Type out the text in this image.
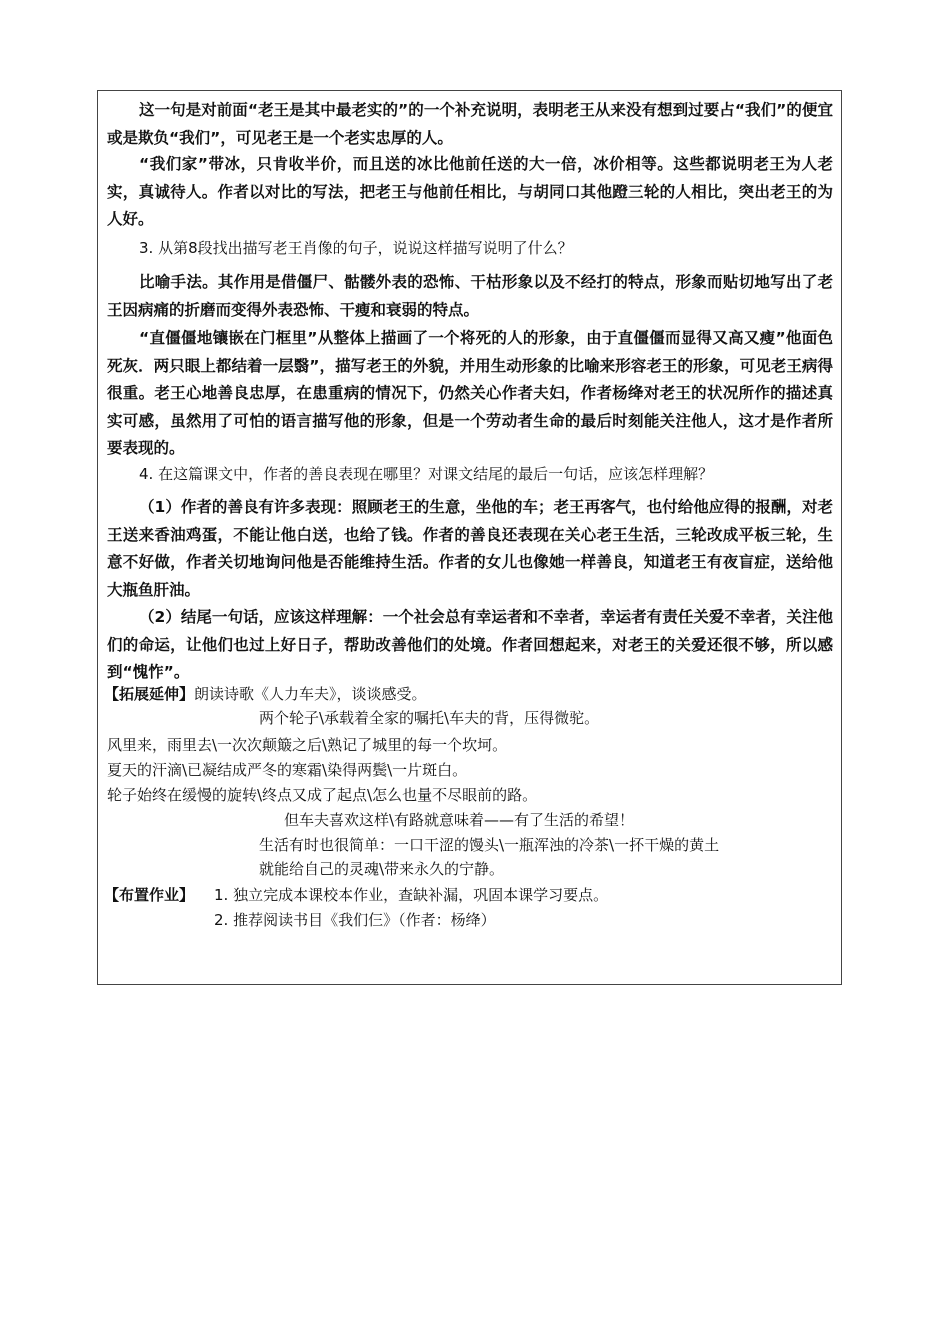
这一句是对前面“老王是其中最老实的”的一个补充说明，表明老王从来没有想到过要占“我们”的便宜或是欺负“我们”，可见老王是一个老实忠厚的人。
“我们家”带冰，只肯收半价，而且送的冰比他前任送的大一倍，冰价相等。这些都说明老王为人老实，真诚待人。作者以对比的写法，把老王与他前任相比，与胡同口其他蹬三轮的人相比，突出老王的为人好。
3. 从第8段找出描写老王肖像的句子，说说这样描写说明了什么？
比喻手法。其作用是借僵尸、骷髅外表的恐怖、干枯形象以及不经打的特点，形象而贴切地写出了老王因病痛的折磨而变得外表恐怖、干瘦和衰弱的特点。
“直僵僵地镶嵌在门框里”从整体上描画了一个将死的人的形象，由于直僵僵而显得又高又瘦”他面色死灰．两只眼上都结着一层翳”，描写老王的外貌，并用生动形象的比喻来形容老王的形象，可见老王病得很重。老王心地善良忠厚，在患重病的情况下，仍然关心作者夫妇，作者杨绛对老王的状况所作的描述真实可感，虽然用了可怕的语言描写他的形象，但是一个劳动者生命的最后时刻能关注他人，这才是作者所要表现的。
4. 在这篇课文中，作者的善良表现在哪里？对课文结尾的最后一句话，应该怎样理解？
（1）作者的善良有许多表现：照顾老王的生意，坐他的车；老王再客气，也付给他应得的报酬，对老王送来香油鸡蛋，不能让他白送，也给了钱。作者的善良还表现在关心老王生活，三轮改成平板三轮，生意不好做，作者关切地询问他是否能维持生活。作者的女儿也像她一样善良，知道老王有夜盲症，送给他大瓶鱼肝油。
（2）结尾一句话，应该这样理解：一个社会总有幸运者和不幸者，幸运者有责任关爱不幸者，关注他们的命运，让他们也过上好日子，帮助改善他们的处境。作者回想起来，对老王的关爱还很不够，所以感到“愧怍”。
【拓展延伸】朗读诗歌《人力车夫》，谈谈感受。
两个轮子\承载着全家的嘱托\车夫的背，压得微驼。
风里来，雨里去\一次次颠簸之后\熟记了城里的每一个坎坷。
夏天的汗滴\已凝结成严冬的寒霜\染得两鬓\一片斑白。
轮子始终在缓慢的旋转\终点又成了起点\怎么也量不尽眼前的路。
但车夫喜欢这样\有路就意味着——有了生活的希望！
生活有时也很简单：一口干涩的馒头\一瓶浑浊的冷茶\一抔干燥的黄土
就能给自己的灵魂\带来永久的宁静。
【布置作业】 1. 独立完成本课校本作业，查缺补漏，巩固本课学习要点。
2. 推荐阅读书目《我们仨》（作者：杨绛）
